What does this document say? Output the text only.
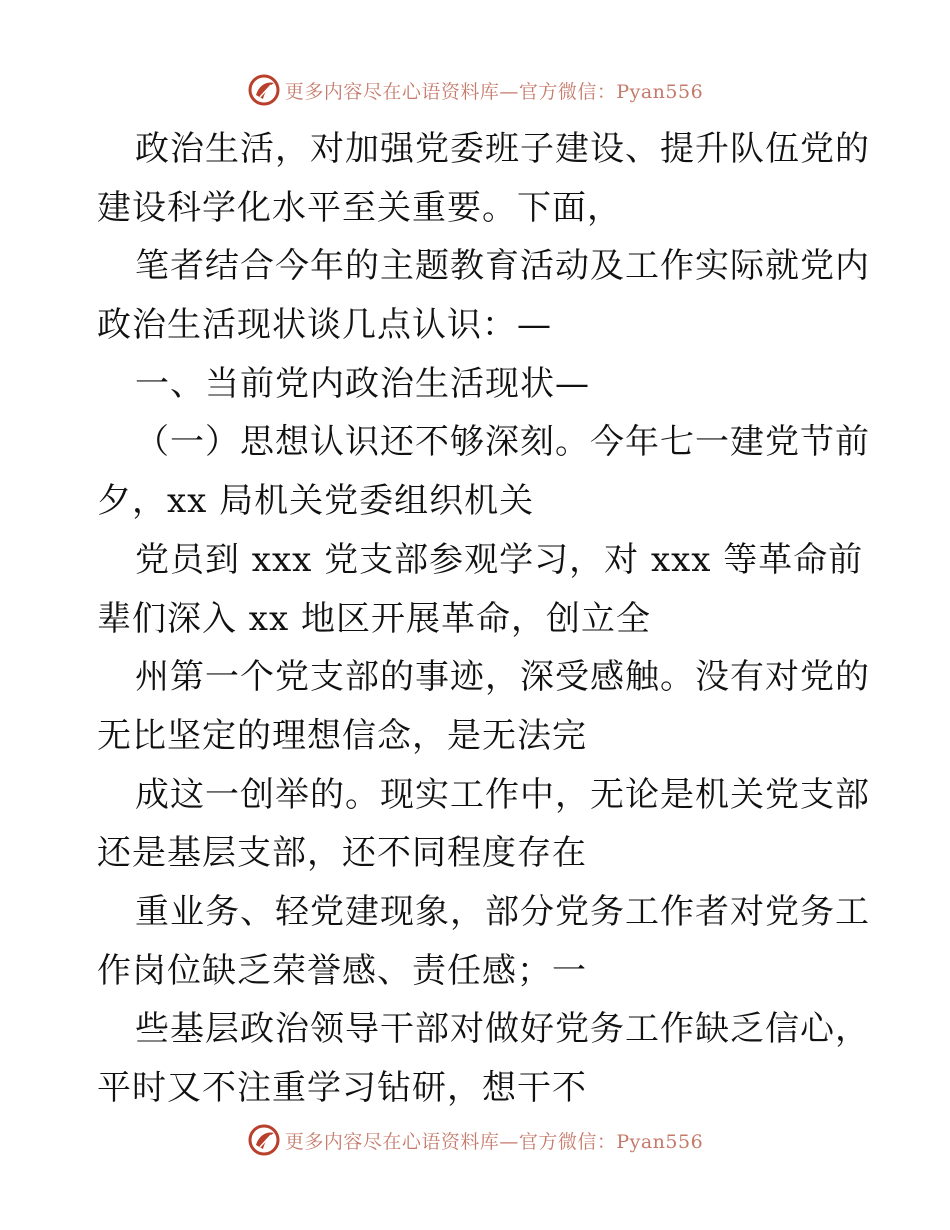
更多内容尽在心语资料库—官方微信：Pyan556
政治生活，对加强党委班子建设、提升队伍党的
建设科学化水平至关重要。下面，
笔者结合今年的主题教育活动及工作实际就党内
政治生活现状谈几点认识：—
一、当前党内政治生活现状—
（一）思想认识还不够深刻。今年七一建党节前
夕，xx 局机关党委组织机关
党员到 xxx 党支部参观学习，对 xxx 等革命前
辈们深入 xx 地区开展革命，创立全
州第一个党支部的事迹，深受感触。没有对党的
无比坚定的理想信念，是无法完
成这一创举的。现实工作中，无论是机关党支部
还是基层支部，还不同程度存在
重业务、轻党建现象，部分党务工作者对党务工
作岗位缺乏荣誉感、责任感；一
些基层政治领导干部对做好党务工作缺乏信心，
平时又不注重学习钻研，想干不
更多内容尽在心语资料库—官方微信：Pyan556
